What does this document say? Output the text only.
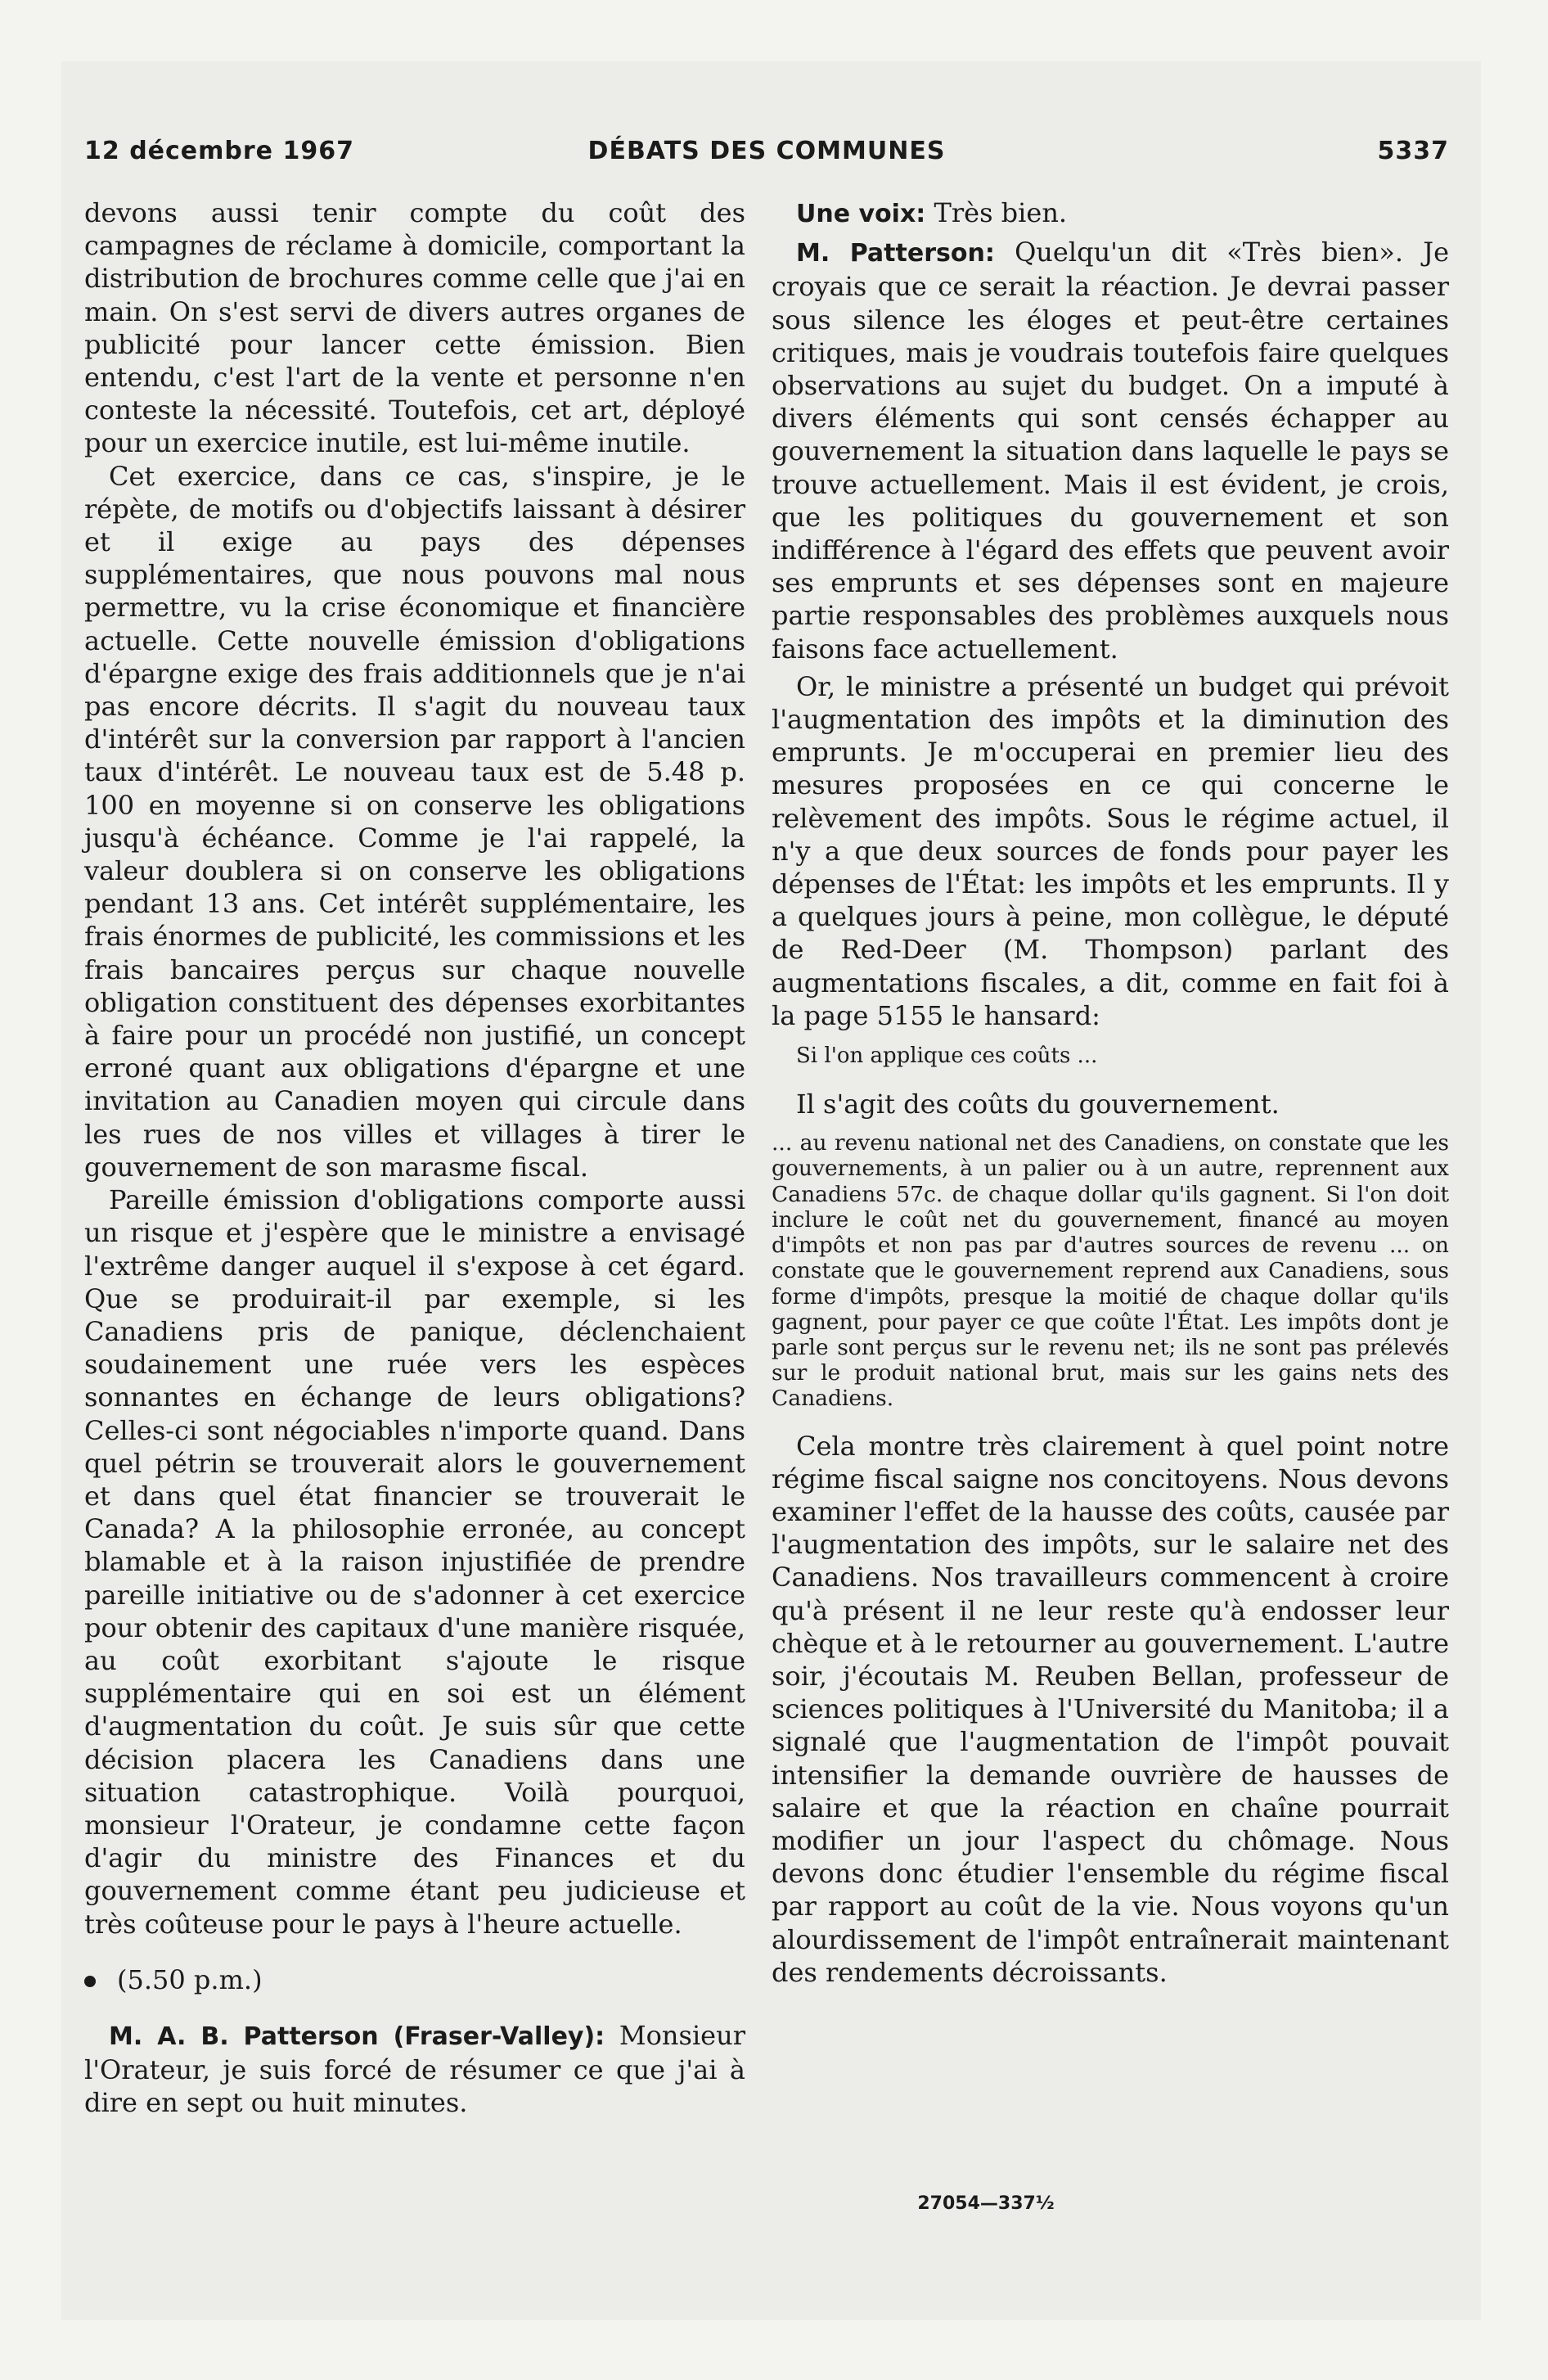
12 décembre 1967	DÉBATS DES COMMUNES	5337

devons aussi tenir compte du coût des campagnes de réclame à domicile, comportant la distribution de brochures comme celle que j'ai en main. On s'est servi de divers autres organes de publicité pour lancer cette émission. Bien entendu, c'est l'art de la vente et personne n'en conteste la nécessité. Toutefois, cet art, déployé pour un exercice inutile, est lui-même inutile.

Cet exercice, dans ce cas, s'inspire, je le répète, de motifs ou d'objectifs laissant à désirer et il exige au pays des dépenses supplémentaires, que nous pouvons mal nous permettre, vu la crise économique et financière actuelle. Cette nouvelle émission d'obligations d'épargne exige des frais additionnels que je n'ai pas encore décrits. Il s'agit du nouveau taux d'intérêt sur la conversion par rapport à l'ancien taux d'intérêt. Le nouveau taux est de 5.48 p. 100 en moyenne si on conserve les obligations jusqu'à échéance. Comme je l'ai rappelé, la valeur doublera si on conserve les obligations pendant 13 ans. Cet intérêt supplémentaire, les frais énormes de publicité, les commissions et les frais bancaires perçus sur chaque nouvelle obligation constituent des dépenses exorbitantes à faire pour un procédé non justifié, un concept erroné quant aux obligations d'épargne et une invitation au Canadien moyen qui circule dans les rues de nos villes et villages à tirer le gouvernement de son marasme fiscal.

Pareille émission d'obligations comporte aussi un risque et j'espère que le ministre a envisagé l'extrême danger auquel il s'expose à cet égard. Que se produirait-il par exemple, si les Canadiens pris de panique, déclenchaient soudainement une ruée vers les espèces sonnantes en échange de leurs obligations? Celles-ci sont négociables n'importe quand. Dans quel pétrin se trouverait alors le gouvernement et dans quel état financier se trouverait le Canada? A la philosophie erronée, au concept blamable et à la raison injustifiée de prendre pareille initiative ou de s'adonner à cet exercice pour obtenir des capitaux d'une manière risquée, au coût exorbitant s'ajoute le risque supplémentaire qui en soi est un élément d'augmentation du coût. Je suis sûr que cette décision placera les Canadiens dans une situation catastrophique. Voilà pourquoi, monsieur l'Orateur, je condamne cette façon d'agir du ministre des Finances et du gouvernement comme étant peu judicieuse et très coûteuse pour le pays à l'heure actuelle.

(5.50 p.m.)

M. A. B. Patterson (Fraser-Valley): Monsieur l'Orateur, je suis forcé de résumer ce que j'ai à dire en sept ou huit minutes.

Une voix: Très bien.

M. Patterson: Quelqu'un dit «Très bien». Je croyais que ce serait la réaction. Je devrai passer sous silence les éloges et peut-être certaines critiques, mais je voudrais toutefois faire quelques observations au sujet du budget. On a imputé à divers éléments qui sont censés échapper au gouvernement la situation dans laquelle le pays se trouve actuellement. Mais il est évident, je crois, que les politiques du gouvernement et son indifférence à l'égard des effets que peuvent avoir ses emprunts et ses dépenses sont en majeure partie responsables des problèmes auxquels nous faisons face actuellement.

Or, le ministre a présenté un budget qui prévoit l'augmentation des impôts et la diminution des emprunts. Je m'occuperai en premier lieu des mesures proposées en ce qui concerne le relèvement des impôts. Sous le régime actuel, il n'y a que deux sources de fonds pour payer les dépenses de l'État: les impôts et les emprunts. Il y a quelques jours à peine, mon collègue, le député de Red-Deer (M. Thompson) parlant des augmentations fiscales, a dit, comme en fait foi à la page 5155 le hansard:

Si l'on applique ces coûts ...

Il s'agit des coûts du gouvernement.

... au revenu national net des Canadiens, on constate que les gouvernements, à un palier ou à un autre, reprennent aux Canadiens 57c. de chaque dollar qu'ils gagnent. Si l'on doit inclure le coût net du gouvernement, financé au moyen d'impôts et non pas par d'autres sources de revenu ... on constate que le gouvernement reprend aux Canadiens, sous forme d'impôts, presque la moitié de chaque dollar qu'ils gagnent, pour payer ce que coûte l'État. Les impôts dont je parle sont perçus sur le revenu net; ils ne sont pas prélevés sur le produit national brut, mais sur les gains nets des Canadiens.

Cela montre très clairement à quel point notre régime fiscal saigne nos concitoyens. Nous devons examiner l'effet de la hausse des coûts, causée par l'augmentation des impôts, sur le salaire net des Canadiens. Nos travailleurs commencent à croire qu'à présent il ne leur reste qu'à endosser leur chèque et à le retourner au gouvernement. L'autre soir, j'écoutais M. Reuben Bellan, professeur de sciences politiques à l'Université du Manitoba; il a signalé que l'augmentation de l'impôt pouvait intensifier la demande ouvrière de hausses de salaire et que la réaction en chaîne pourrait modifier un jour l'aspect du chômage. Nous devons donc étudier l'ensemble du régime fiscal par rapport au coût de la vie. Nous voyons qu'un alourdissement de l'impôt entraînerait maintenant des rendements décroissants.

27054—337½
